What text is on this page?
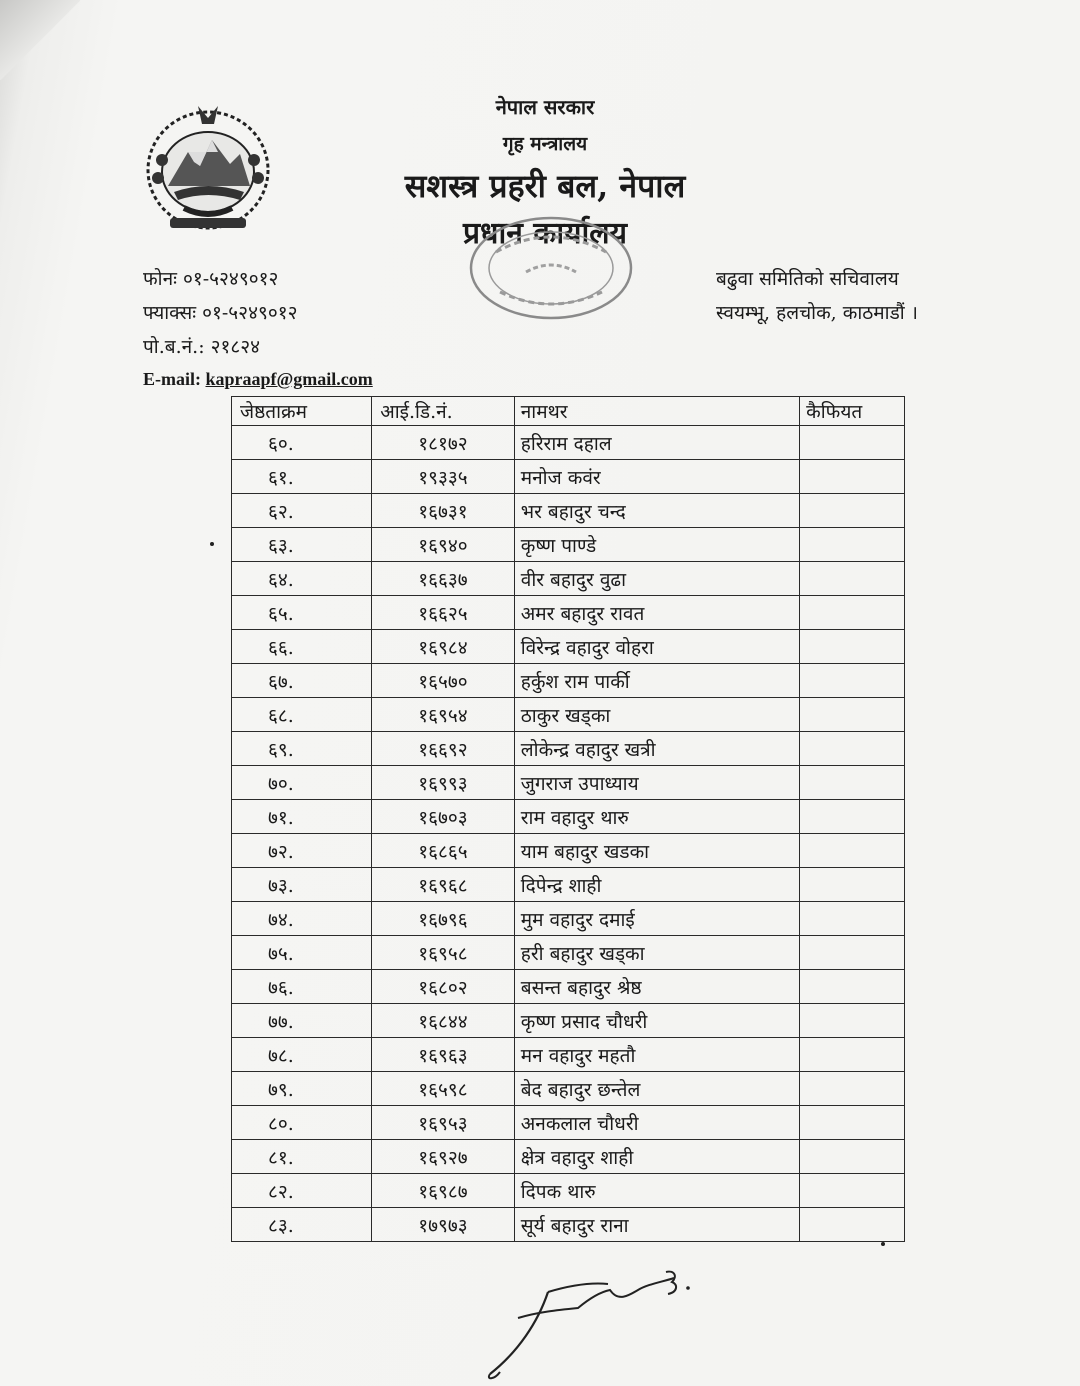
नेपाल सरकार
गृह मन्त्रालय
सशस्त्र प्रहरी बल, नेपाल
प्रधान कार्यालय
फोनः ०१-५२४९०१२
फ्याक्सः ०१-५२४९०१२
पो.ब.नं.: २१८२४
E-mail: kapraapf@gmail.com
बढुवा समितिको सचिवालय
स्वयम्भू, हलचोक, काठमाडौं ।
जेष्ठताक्रम	आई.डि.नं.	नामथर	कैफियत
६०.	१८१७२	हरिराम दहाल	
६१.	१९३३५	मनोज कवंर	
६२.	१६७३१	भर बहादुर चन्द	
६३.	१६९४०	कृष्ण पाण्डे	
६४.	१६६३७	वीर बहादुर वुढा	
६५.	१६६२५	अमर बहादुर रावत	
६६.	१६९८४	विरेन्द्र वहादुर वोहरा	
६७.	१६५७०	हर्कुश राम पार्की	
६८.	१६९५४	ठाकुर खड्का	
६९.	१६६९२	लोकेन्द्र वहादुर खत्री	
७०.	१६९९३	जुगराज उपाध्याय	
७१.	१६७०३	राम वहादुर थारु	
७२.	१६८६५	याम बहादुर खडका	
७३.	१६९६८	दिपेन्द्र शाही	
७४.	१६७९६	मुम वहादुर दमाई	
७५.	१६९५८	हरी बहादुर खड्का	
७६.	१६८०२	बसन्त बहादुर श्रेष्ठ	
७७.	१६८४४	कृष्ण प्रसाद चौधरी	
७८.	१६९६३	मन वहादुर महतौ	
७९.	१६५९८	बेद बहादुर छन्तेल	
८०.	१६९५३	अनकलाल चौधरी	
८१.	१६९२७	क्षेत्र वहादुर शाही	
८२.	१६९८७	दिपक थारु	
८३.	१७९७३	सूर्य बहादुर राना	
